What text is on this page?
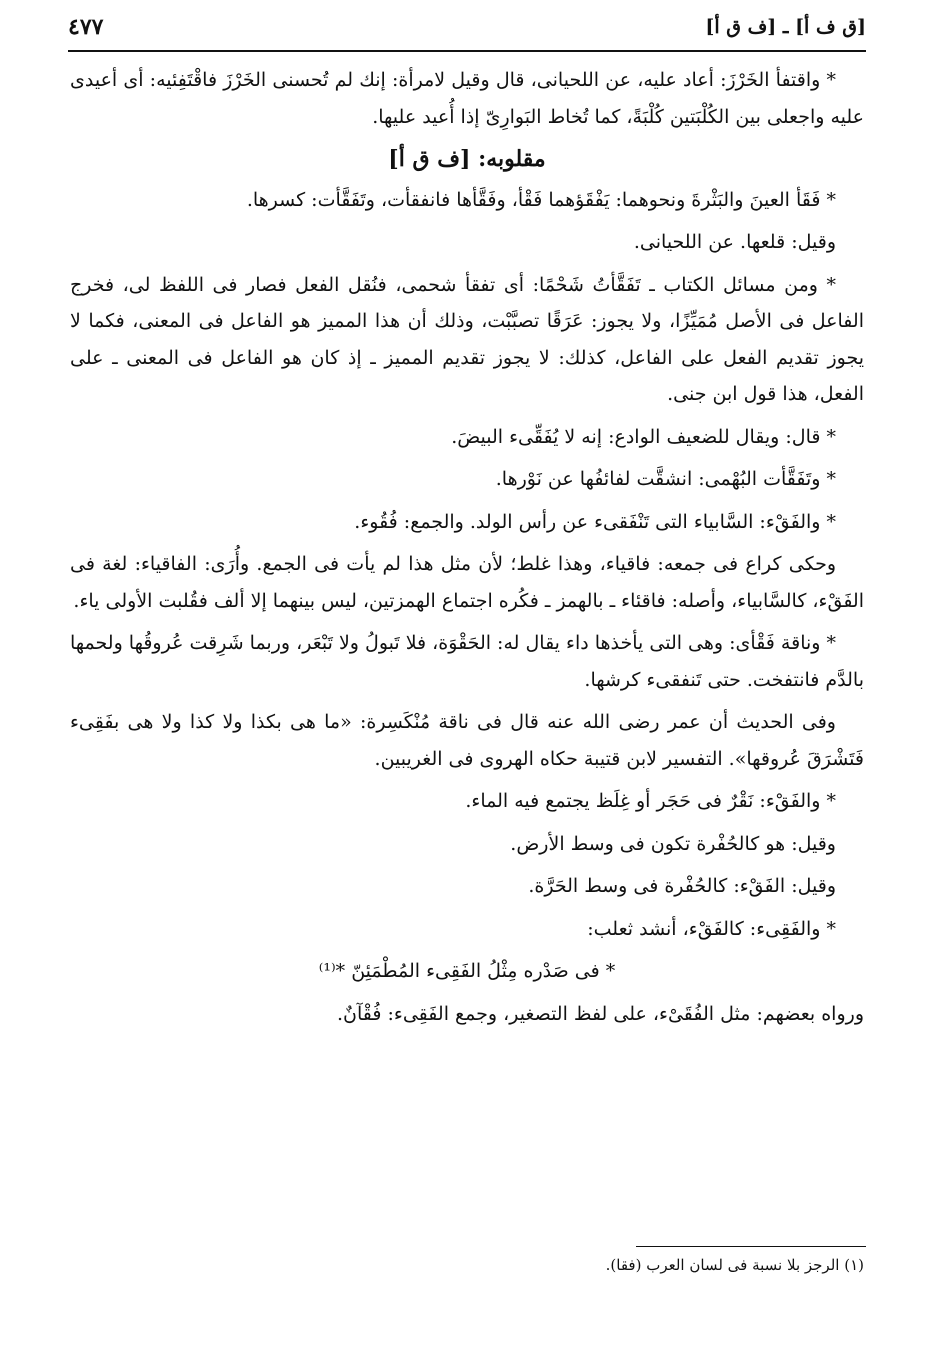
[ق ف أ] ـ [ف ق أ]
٤٧٧

* واقتفأ الخَرْزَ: أعاد عليه، عن اللحيانى، قال وقيل لامرأة: إنك لم تُحسنى الخَرْزَ فاقْتَفِئيه: أى أعيدى عليه واجعلى بين الكُلْبَتين كُلْبَةً، كما تُخاط البَوارِىّ إذا أُعيد عليها.

مقلوبه: [ف ق أ]

* فَقَأ العينَ والبَثْرةَ ونحوهما: يَفْقَؤهما فَقْأ، وفَقَّأها فانفقأت، وتَفَقَّأت: كسرها.

وقيل: قلعها. عن اللحيانى.

* ومن مسائل الكتاب ـ تَفَقَّأتُ شَحْمًا: أى تفقأ شحمى، فنُقل الفعل فصار فى اللفظ لى، فخرج الفاعل فى الأصل مُمَيِّزًا، ولا يجوز: عَرَقًا تصبَّبْت، وذلك أن هذا المميز هو الفاعل فى المعنى، فكما لا يجوز تقديم الفعل على الفاعل، كذلك: لا يجوز تقديم المميز ـ إذ كان هو الفاعل فى المعنى ـ على الفعل، هذا قول ابن جنى.

* قال: ويقال للضعيف الوادع: إنه لا يُفَقِّىء البيضَ.

* وتَفَقَّأت البُهْمى: انشقَّت لفائفُها عن نَوْرها.

* والفَقْء: السَّابياء التى تَنْفَقىء عن رأس الولد. والجمع: فُقُوء.

وحكى كراع فى جمعه: فاقياء، وهذا غلط؛ لأن مثل هذا لم يأت فى الجمع. وأُرَى: الفاقياء: لغة فى الفَقْء، كالسَّابياء، وأصله: فاقئاء ـ بالهمز ـ فكُره اجتماع الهمزتين، ليس بينهما إلا ألف فقُلبت الأولى ياء.

* وناقة فَقْأى: وهى التى يأخذها داء يقال له: الحَقْوَة، فلا تَبولُ ولا تَبْعَر، وربما شَرِقت عُروقُها ولحمها بالدَّم فانتفخت. حتى تَنفقىء كرشها.

وفى الحديث أن عمر رضى الله عنه قال فى ناقة مُنْكَسِرة: «ما هى بكذا ولا كذا ولا هى بفَقِىء فَتَشْرَقَ عُروقها». التفسير لابن قتيبة حكاه الهروى فى الغريبين.

* والفَقْء: نَقْرٌ فى حَجَر أو غِلَظ يجتمع فيه الماء.

وقيل: هو كالحُفْرة تكون فى وسط الأرض.

وقيل: الفَقْء: كالحُفْرة فى وسط الحَرَّة.

* والفَقِىء: كالفَقْء، أنشد ثعلب:

* فى صَدْره مِثْلُ الفَقِىء المُطْمَئِنّ *⁽¹⁾

ورواه بعضهم: مثل الفُقَىْء، على لفظ التصغير، وجمع الفَقِىء: فُقْآنٌ.

(١) الرجز بلا نسبة فى لسان العرب (فقا).
